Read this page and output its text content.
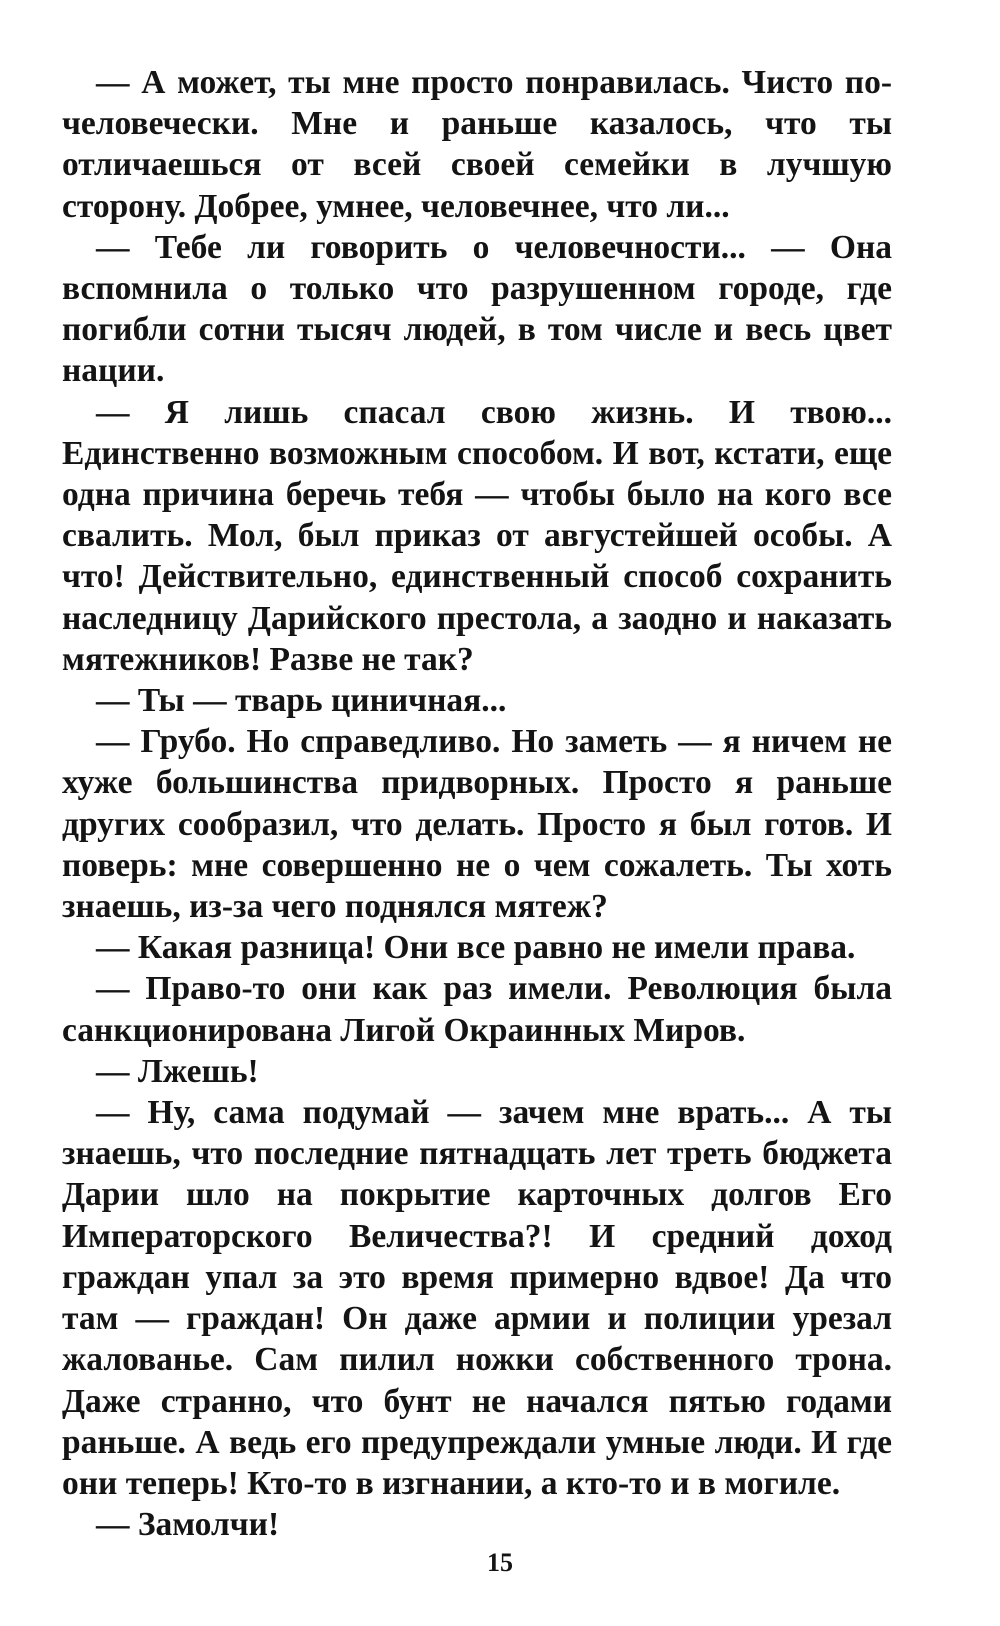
— А может, ты мне просто понравилась. Чисто по-человечески. Мне и раньше казалось, что ты отличаешься от всей своей семейки в лучшую сторону. Добрее, умнее, человечнее, что ли...

— Тебе ли говорить о человечности... — Она вспомнила о только что разрушенном городе, где погибли сотни тысяч людей, в том числе и весь цвет нации.

— Я лишь спасал свою жизнь. И твою... Единственно возможным способом. И вот, кстати, еще одна причина беречь тебя — чтобы было на кого все свалить. Мол, был приказ от августейшей особы. А что! Действительно, единственный способ сохранить наследницу Дарийского престола, а заодно и наказать мятежников! Разве не так?

— Ты — тварь циничная...

— Грубо. Но справедливо. Но заметь — я ничем не хуже большинства придворных. Просто я раньше других сообразил, что делать. Просто я был готов. И поверь: мне совершенно не о чем сожалеть. Ты хоть знаешь, из-за чего поднялся мятеж?

— Какая разница! Они все равно не имели права.

— Право-то они как раз имели. Революция была санкционирована Лигой Окраинных Миров.

— Лжешь!

— Ну, сама подумай — зачем мне врать... А ты знаешь, что последние пятнадцать лет треть бюджета Дарии шло на покрытие карточных долгов Его Императорского Величества?! И средний доход граждан упал за это время примерно вдвое! Да что там — граждан! Он даже армии и полиции урезал жалованье. Сам пилил ножки собственного трона. Даже странно, что бунт не начался пятью годами раньше. А ведь его предупреждали умные люди. И где они теперь! Кто-то в изгнании, а кто-то и в могиле.

— Замолчи!

15
